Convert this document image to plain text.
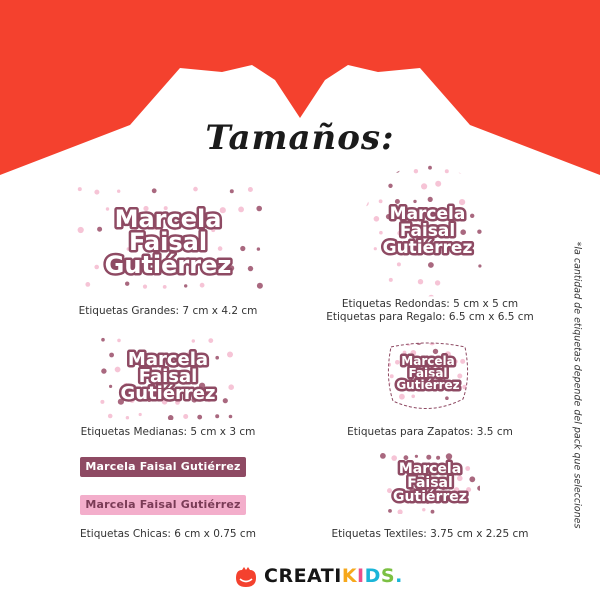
Tamaños:
Marcela
Faisal
Gutiérrez
Etiquetas Grandes: 7 cm x 4.2 cm
Marcela
Faisal
Gutiérrez
Etiquetas Redondas: 5 cm x 5 cm
Etiquetas para Regalo: 6.5 cm x 6.5 cm
Marcela
Faisal
Gutiérrez
Etiquetas Medianas: 5 cm x 3 cm
Marcela
Faisal
Gutiérrez
Etiquetas para Zapatos: 3.5 cm
Marcela Faisal Gutiérrez
Marcela Faisal Gutiérrez
Etiquetas Chicas: 6 cm x 0.75 cm
Marcela
Faisal
Gutiérrez
Etiquetas Textiles: 3.75 cm x 2.25 cm
*la cantidad de etiquetas depende del pack que selecciones
CREATIKIDS.
